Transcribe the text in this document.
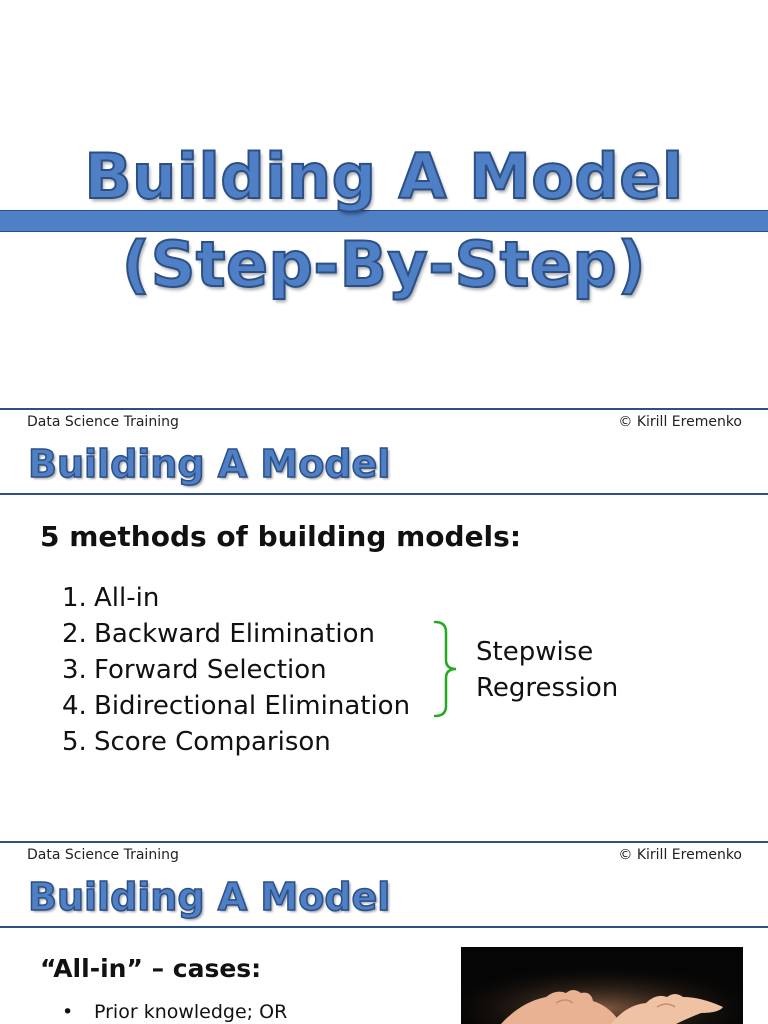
Building A Model
(Step-By-Step)
Data Science Training	© Kirill Eremenko
Building A Model
5 methods of building models:
1. All-in
2. Backward Elimination
3. Forward Selection
4. Bidirectional Elimination
5. Score Comparison
Stepwise
Regression
Data Science Training	© Kirill Eremenko
Building A Model
“All-in” – cases:
• Prior knowledge; OR
